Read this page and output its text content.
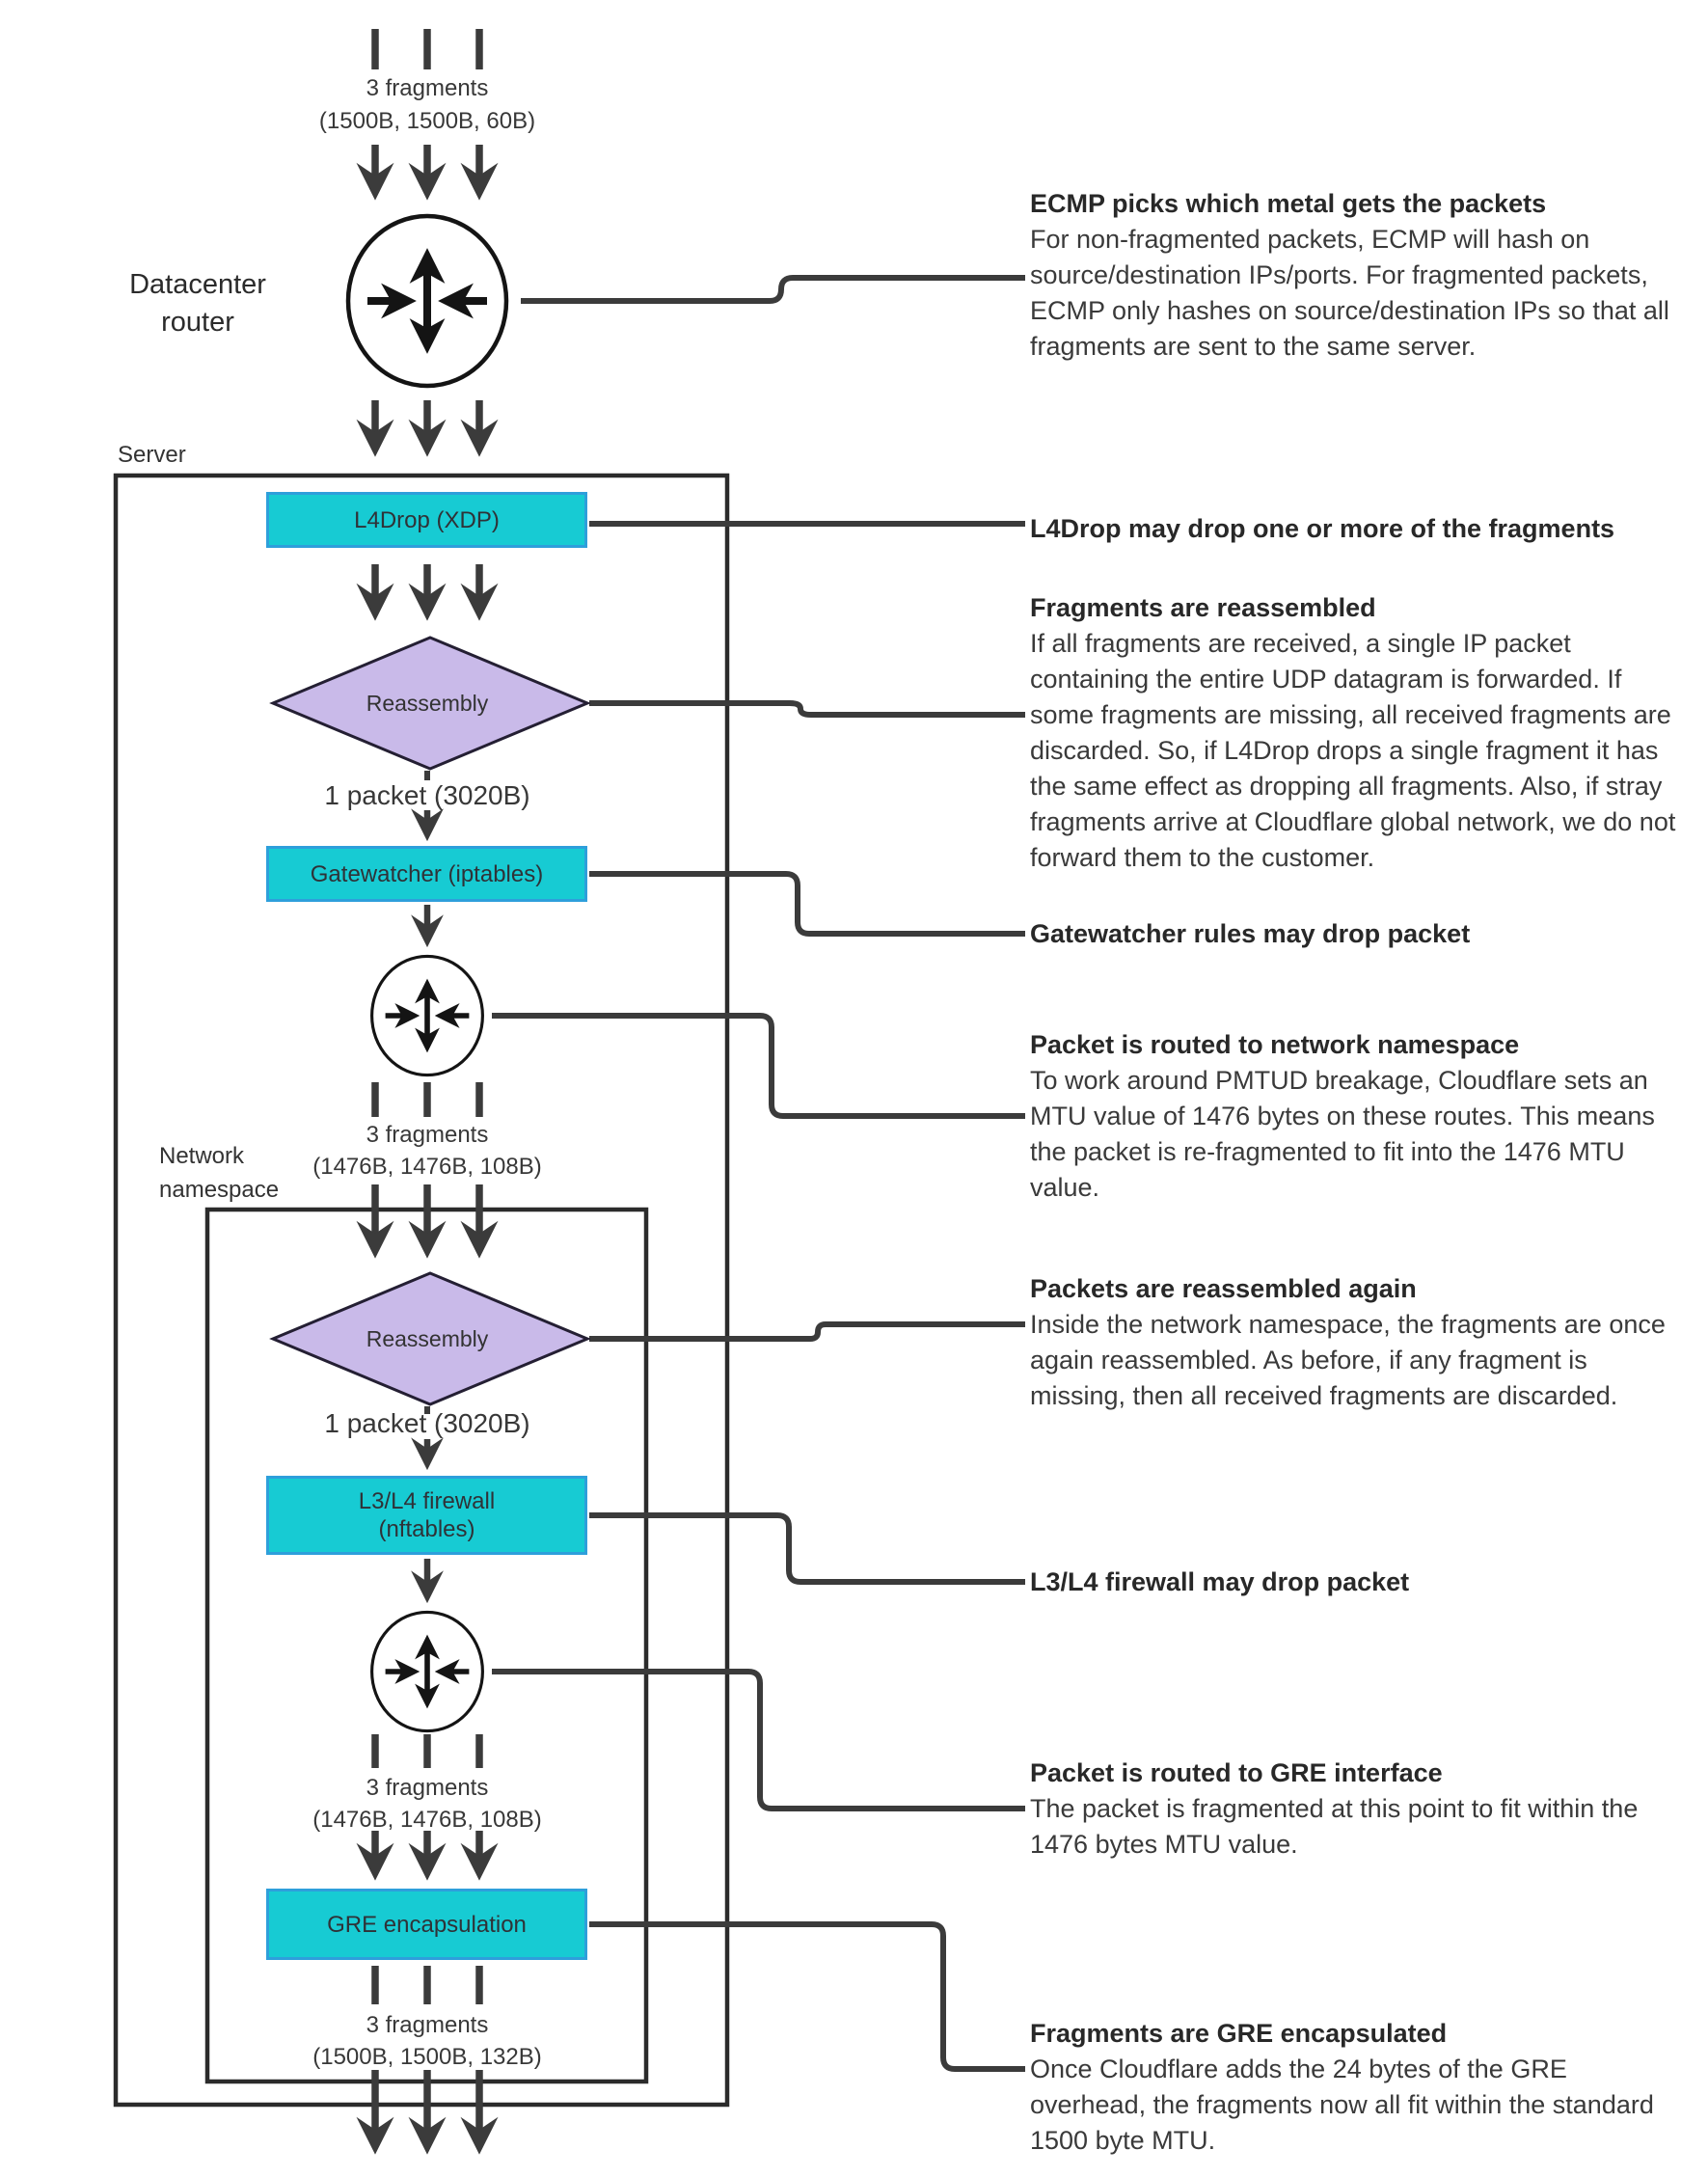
Datacenter router
Server
Network namespace
L4Drop (XDP)
Gatewatcher (iptables)
L3/L4 firewall
(nftables)
GRE encapsulation
Reassembly
Reassembly
3 fragments
(1500B, 1500B, 60B)
1 packet (3020B)
3 fragments
(1476B, 1476B, 108B)
1 packet (3020B)
3 fragments
(1476B, 1476B, 108B)
3 fragments
(1500B, 1500B, 132B)
ECMP picks which metal gets the packets

For non-fragmented packets, ECMP will hash on source/destination IPs/ports. For fragmented packets, ECMP only hashes on source/destination IPs so that all fragments are sent to the same server.

L4Drop may drop one or more of the fragments
Fragments are reassembled

If all fragments are received, a single IP packet containing the entire UDP datagram is forwarded. If some fragments are missing, all received fragments are discarded. So, if L4Drop drops a single fragment it has the same effect as dropping all fragments. Also, if stray fragments arrive at Cloudflare global network, we do not forward them to the customer.

Gatewatcher rules may drop packet
Packet is routed to network namespace

To work around PMTUD breakage, Cloudflare sets an MTU value of 1476 bytes on these routes. This means the packet is re-fragmented to fit into the 1476 MTU value.

Packets are reassembled again

Inside the network namespace, the fragments are once again reassembled. As before, if any fragment is missing, then all received fragments are discarded.

L3/L4 firewall may drop packet
Packet is routed to GRE interface

The packet is fragmented at this point to fit within the 1476 bytes MTU value.

Fragments are GRE encapsulated

Once Cloudflare adds the 24 bytes of the GRE overhead, the fragments now all fit within the standard 1500 byte MTU.
